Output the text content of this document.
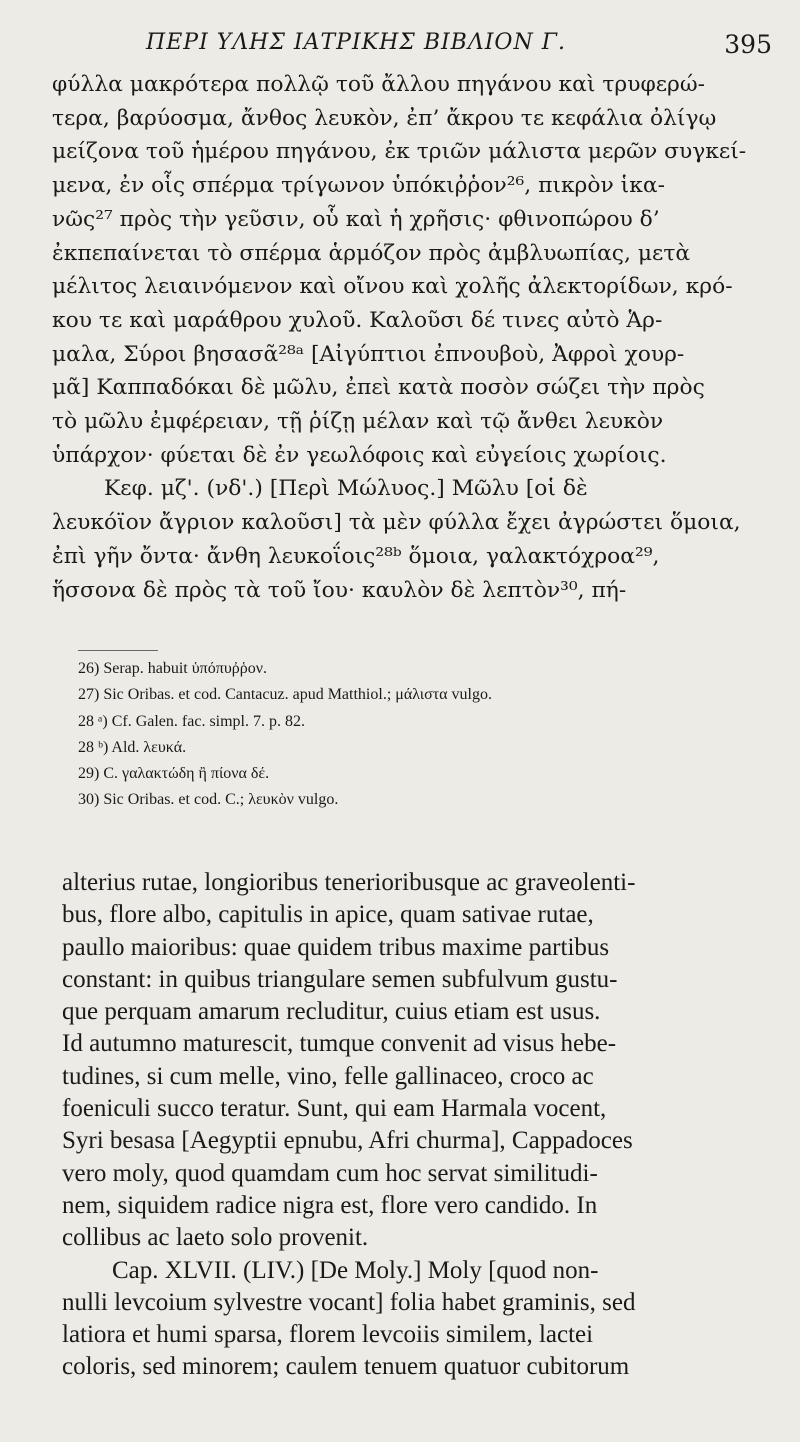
ΠΕΡΙ ΥΛΗΣ ΙΑΤΡΙΚΗΣ ΒΙΒΛΙΟΝ Γ.	395
φύλλα μακρότερα πολλῷ τοῦ ἄλλου πηγάνου καὶ τρυφερώ-
τερα, βαρύοσμα, ἄνθος λευκὸν, ἐπ’ ἄκρου τε κεφάλια ὀλίγῳ
μείζονα τοῦ ἡμέρου πηγάνου, ἐκ τριῶν μάλιστα μερῶν συγκεί-
μενα, ἐν οἷς σπέρμα τρίγωνον ὑπόκιῤῥον²⁶, πικρὸν ἱκα-
νῶς²⁷ πρὸς τὴν γεῦσιν, οὗ καὶ ἡ χρῆσις· φθινοπώρου δ’
ἐκπεπαίνεται τὸ σπέρμα ἁρμόζον πρὸς ἀμβλυωπίας, μετὰ
μέλιτος λειαινόμενον καὶ οἴνου καὶ χολῆς ἀλεκτορίδων, κρό-
κου τε καὶ μαράθρου χυλοῦ. Καλοῦσι δέ τινες αὐτὸ Ἁρ-
μαλα, Σύροι βησασᾶ²⁸ᵃ [Αἰγύπτιοι ἐπνουβοὺ, Ἀφροὶ χουρ-
μᾶ] Καππαδόκαι δὲ μῶλυ, ἐπεὶ κατὰ ποσὸν σώζει τὴν πρὸς
τὸ μῶλυ ἐμφέρειαν, τῇ ῥίζῃ μέλαν καὶ τῷ ἄνθει λευκὸν
ὑπάρχον· φύεται δὲ ἐν γεωλόφοις καὶ εὐγείοις χωρίοις.
Κεφ. μζ'. (νδ'.) [Περὶ Μώλυος.] Μῶλυ [οἱ δὲ
λευκόϊον ἄγριον καλοῦσι] τὰ μὲν φύλλα ἔχει ἀγρώστει ὅμοια,
ἐπὶ γῆν ὄντα· ἄνθη λευκοΐοις²⁸ᵇ ὅμοια, γαλακτόχροα²⁹,
ἥσσονα δὲ πρὸς τὰ τοῦ ἴου· καυλὸν δὲ λεπτὸν³⁰, πή-
26) Serap. habuit ὑπόπυῤῥον.
27) Sic Oribas. et cod. Cantacuz. apud Matthiol.; μάλιστα vulgo.
28 ᵃ) Cf. Galen. fac. simpl. 7. p. 82.
28 ᵇ) Ald. λευκά.
29) C. γαλακτώδη ἢ πίονα δέ.
30) Sic Oribas. et cod. C.; λευκὸν vulgo.
alterius rutae, longioribus tenerioribusque ac graveolenti-
bus, flore albo, capitulis in apice, quam sativae rutae,
paullo maioribus: quae quidem tribus maxime partibus
constant: in quibus triangulare semen subfulvum gustu-
que perquam amarum recluditur, cuius etiam est usus.
Id autumno maturescit, tumque convenit ad visus hebe-
tudines, si cum melle, vino, felle gallinaceo, croco ac
foeniculi succo teratur. Sunt, qui eam Harmala vocent,
Syri besasa [Aegyptii epnubu, Afri churma], Cappadoces
vero moly, quod quamdam cum hoc servat similitudi-
nem, siquidem radice nigra est, flore vero candido. In
collibus ac laeto solo provenit.
Cap. XLVII. (LIV.) [De Moly.] Moly [quod non-
nulli levcoium sylvestre vocant] folia habet graminis, sed
latiora et humi sparsa, florem levcoiis similem, lactei
coloris, sed minorem; caulem tenuem quatuor cubitorum
